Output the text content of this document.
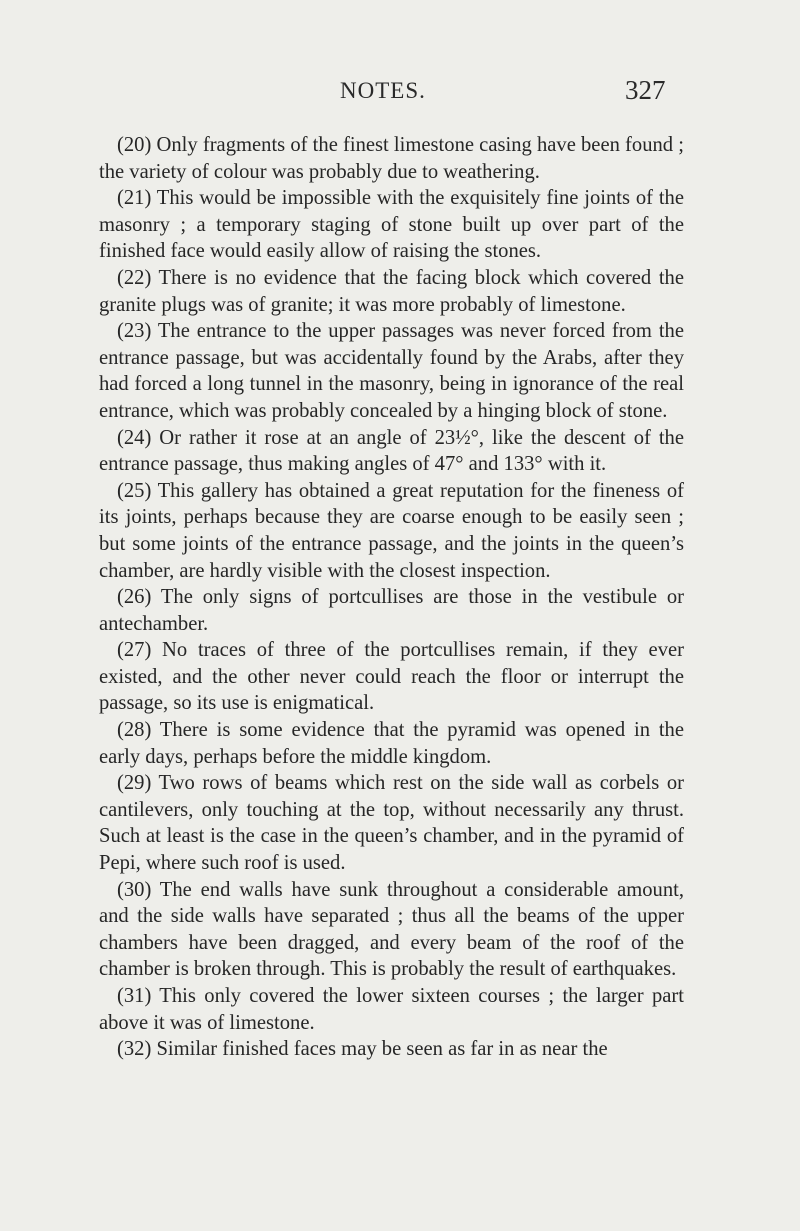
NOTES.	327

(20) Only fragments of the finest limestone casing have been found ; the variety of colour was probably due to weathering.

(21) This would be impossible with the exquisitely fine joints of the masonry ; a temporary staging of stone built up over part of the finished face would easily allow of raising the stones.

(22) There is no evidence that the facing block which covered the granite plugs was of granite; it was more probably of limestone.

(23) The entrance to the upper passages was never forced from the entrance passage, but was accidentally found by the Arabs, after they had forced a long tunnel in the masonry, being in ignorance of the real entrance, which was probably concealed by a hinging block of stone.

(24) Or rather it rose at an angle of 23½°, like the descent of the entrance passage, thus making angles of 47° and 133° with it.

(25) This gallery has obtained a great reputation for the fineness of its joints, perhaps because they are coarse enough to be easily seen ; but some joints of the entrance passage, and the joints in the queen’s chamber, are hardly visible with the closest inspection.

(26) The only signs of portcullises are those in the vestibule or antechamber.

(27) No traces of three of the portcullises remain, if they ever existed, and the other never could reach the floor or interrupt the passage, so its use is enigmatical.

(28) There is some evidence that the pyramid was opened in the early days, perhaps before the middle kingdom.

(29) Two rows of beams which rest on the side wall as corbels or cantilevers, only touching at the top, without necessarily any thrust. Such at least is the case in the queen’s chamber, and in the pyramid of Pepi, where such roof is used.

(30) The end walls have sunk throughout a considerable amount, and the side walls have separated ; thus all the beams of the upper chambers have been dragged, and every beam of the roof of the chamber is broken through. This is probably the result of earthquakes.

(31) This only covered the lower sixteen courses ; the larger part above it was of limestone.

(32) Similar finished faces may be seen as far in as near the
